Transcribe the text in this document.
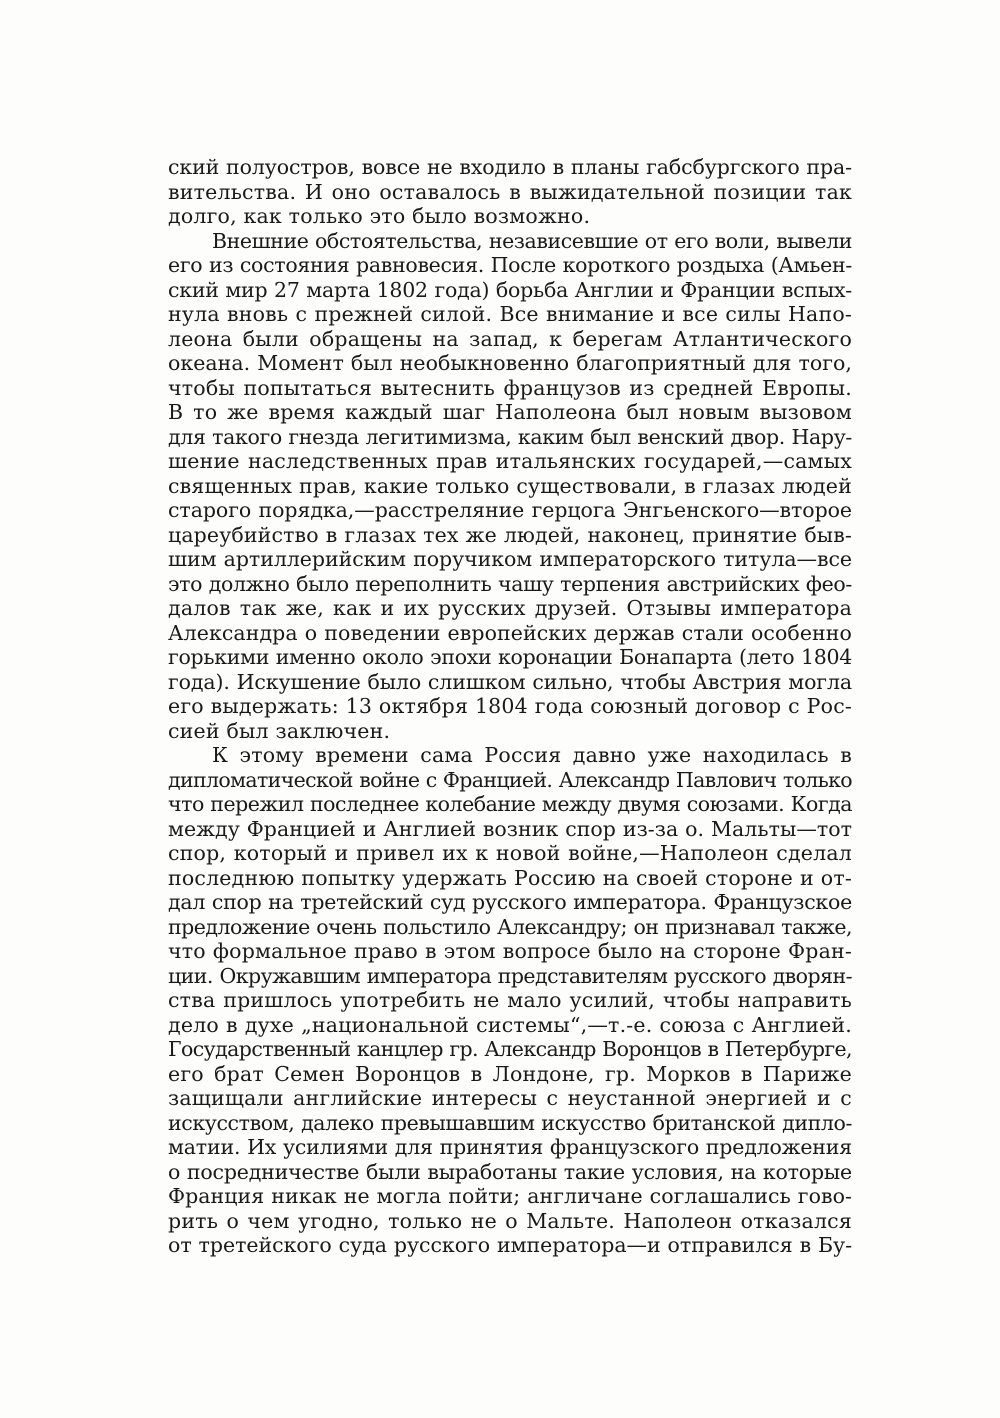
ский полуостров, вовсе не входило в планы габсбургского пра-
вительства. И оно оставалось в выжидательной позиции так
долго, как только это было возможно.
Внешние обстоятельства, независевшие от его воли, вывели
его из состояния равновесия. После короткого роздыха (Амьен-
ский мир 27 марта 1802 года) борьба Англии и Франции вспых-
нула вновь с прежней силой. Все внимание и все силы Напо-
леона были обращены на запад, к берегам Атлантического
океана. Момент был необыкновенно благоприятный для того,
чтобы попытаться вытеснить французов из средней Европы.
В то же время каждый шаг Наполеона был новым вызовом
для такого гнезда легитимизма, каким был венский двор. Нару-
шение наследственных прав итальянских государей,—самых
священных прав, какие только существовали, в глазах людей
старого порядка,—расстреляние герцога Энгьенского—второе
цареубийство в глазах тех же людей, наконец, принятие быв-
шим артиллерийским поручиком императорского титула—все
это должно было переполнить чашу терпения австрийских фео-
далов так же, как и их русских друзей. Отзывы императора
Александра о поведении европейских держав стали особенно
горькими именно около эпохи коронации Бонапарта (лето 1804
года). Искушение было слишком сильно, чтобы Австрия могла
его выдержать: 13 октября 1804 года союзный договор с Рос-
сией был заключен.
К этому времени сама Россия давно уже находилась в
дипломатической войне с Францией. Александр Павлович только
что пережил последнее колебание между двумя союзами. Когда
между Францией и Англией возник спор из-за о. Мальты—тот
спор, который и привел их к новой войне,—Наполеон сделал
последнюю попытку удержать Россию на своей стороне и от-
дал спор на третейский суд русского императора. Французское
предложение очень польстило Александру; он признавал также,
что формальное право в этом вопросе было на стороне Фран-
ции. Окружавшим императора представителям русского дворян-
ства пришлось употребить не мало усилий, чтобы направить
дело в духе „национальной системы“,—т.-е. союза с Англией.
Государственный канцлер гр. Александр Воронцов в Петербурге,
его брат Семен Воронцов в Лондоне, гр. Морков в Париже
защищали английские интересы с неустанной энергией и с
искусством, далеко превышавшим искусство британской дипло-
матии. Их усилиями для принятия французского предложения
о посредничестве были выработаны такие условия, на которые
Франция никак не могла пойти; англичане соглашались гово-
рить о чем угодно, только не о Мальте. Наполеон отказался
от третейского суда русского императора—и отправился в Бу-
